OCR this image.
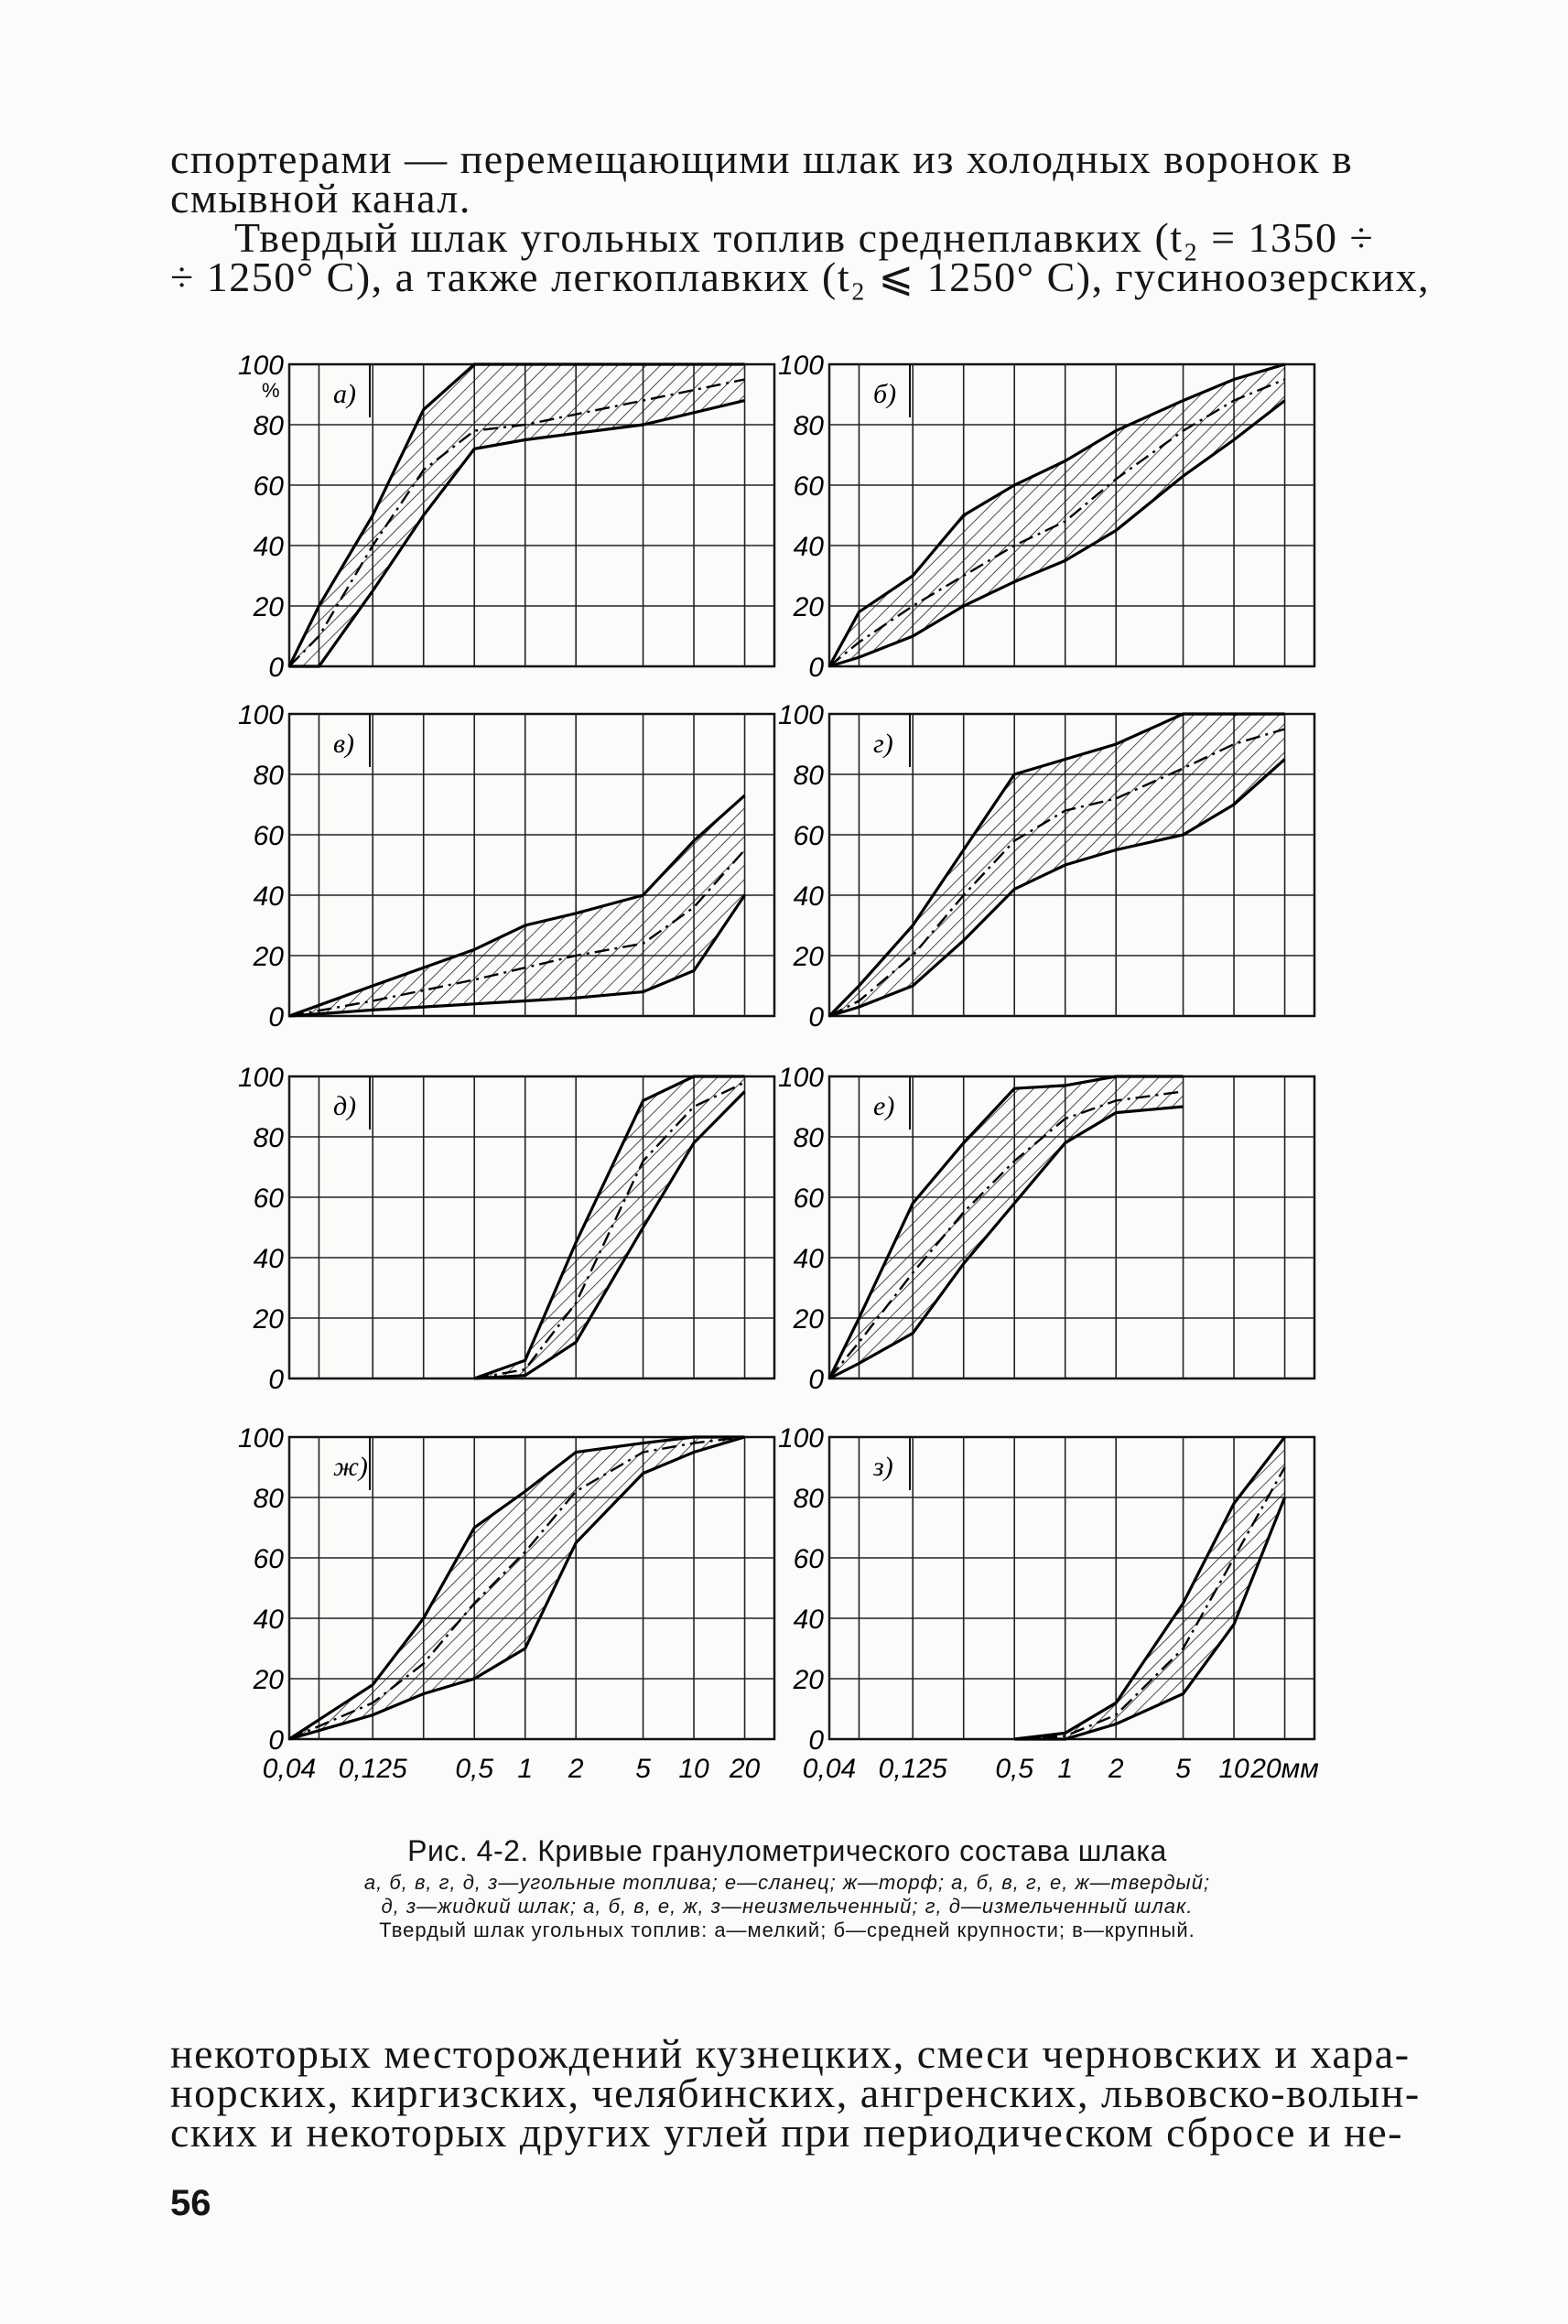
спортерами — перемещающими шлак из холодных воронок в
смывной канал.
Твердый шлак угольных топлив среднеплавких (t₂ = 1350 ÷
÷ 1250° С), а также легкоплавких (t₂ ⩽ 1250° С), гусиноозерских,
а)
100
80
60
40
20
0
%	б)
100
80
60
40
20
0
в)
100
80
60
40
20
0
г)
100
80
60
40
20
0
д)
100
80
60
40
20
0
е)
100
80
60
40
20
0
ж)
100
80
60
40
20
0
0,04 0,125 0,5 1 2 5 10 20
з)
100
80
60
40
20
0
0,04 0,125 0,5 1 2 5 10 20мм
Рис. 4-2. Кривые гранулометрического состава шлака
а, б, в, г, д, з—угольные топлива; е—сланец; ж—торф; а, б, в, г, е, ж—твердый;
д, з—жидкий шлак; а, б, в, е, ж, з—неизмельченный; г, д—измельченный шлак.
Твердый шлак угольных топлив: а—мелкий; б—средней крупности; в—крупный.
некоторых месторождений кузнецких, смеси черновских и хара-
норских, киргизских, челябинских, ангренских, львовско-волын-
ских и некоторых других углей при периодическом сбросе и не-
56
